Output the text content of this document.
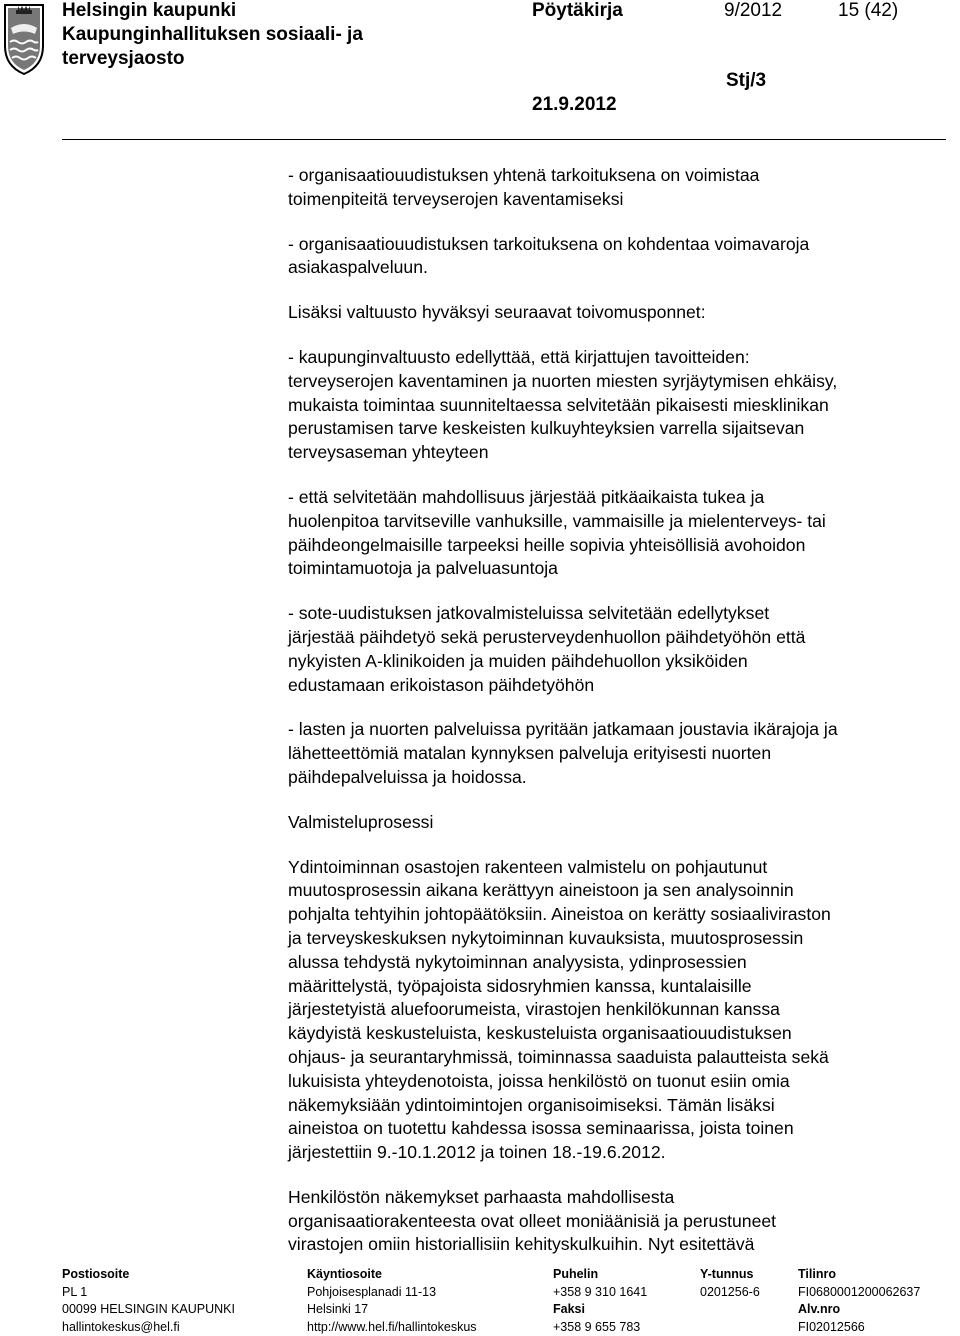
Helsingin kaupunki
Kaupunginhallituksen sosiaali- ja
terveysjaosto
Pöytäkirja	9/2012	15 (42)
Stj/3
21.9.2012

- organisaatiouudistuksen yhtenä tarkoituksena on voimistaa

toimenpiteitä terveyserojen kaventamiseksi

- organisaatiouudistuksen tarkoituksena on kohdentaa voimavaroja

asiakaspalveluun.

Lisäksi valtuusto hyväksyi seuraavat toivomusponnet:

- kaupunginvaltuusto edellyttää, että kirjattujen tavoitteiden:

terveyserojen kaventaminen ja nuorten miesten syrjäytymisen ehkäisy,

mukaista toimintaa suunniteltaessa selvitetään pikaisesti miesklinikan

perustamisen tarve keskeisten kulkuyhteyksien varrella sijaitsevan

terveysaseman yhteyteen

- että selvitetään mahdollisuus järjestää pitkäaikaista tukea ja

huolenpitoa tarvitseville vanhuksille, vammaisille ja mielenterveys- tai

päihdeongelmaisille tarpeeksi heille sopivia yhteisöllisiä avohoidon

toimintamuotoja ja palveluasuntoja

- sote-uudistuksen jatkovalmisteluissa selvitetään edellytykset

järjestää päihdetyö sekä perusterveydenhuollon päihdetyöhön että

nykyisten A-klinikoiden ja muiden päihdehuollon yksiköiden

edustamaan erikoistason päihdetyöhön

- lasten ja nuorten palveluissa pyritään jatkamaan joustavia ikärajoja ja

lähetteettömiä matalan kynnyksen palveluja erityisesti nuorten

päihdepalveluissa ja hoidossa.

Valmisteluprosessi

Ydintoiminnan osastojen rakenteen valmistelu on pohjautunut

muutosprosessin aikana kerättyyn aineistoon ja sen analysoinnin

pohjalta tehtyihin johtopäätöksiin. Aineistoa on kerätty sosiaaliviraston

ja terveyskeskuksen nykytoiminnan kuvauksista, muutosprosessin

alussa tehdystä nykytoiminnan analyysista, ydinprosessien

määrittelystä, työpajoista sidosryhmien kanssa, kuntalaisille

järjestetyistä aluefoorumeista, virastojen henkilökunnan kanssa

käydyistä keskusteluista, keskusteluista organisaatiouudistuksen

ohjaus- ja seurantaryhmissä, toiminnassa saaduista palautteista sekä

lukuisista yhteydenotoista, joissa henkilöstö on tuonut esiin omia

näkemyksiään ydintoimintojen organisoimiseksi. Tämän lisäksi

aineistoa on tuotettu kahdessa isossa seminaarissa, joista toinen

järjestettiin 9.-10.1.2012 ja toinen 18.-19.6.2012.

Henkilöstön näkemykset parhaasta mahdollisesta

organisaatiorakenteesta ovat olleet moniäänisiä ja perustuneet

virastojen omiin historiallisiin kehityskulkuihin. Nyt esitettävä

Postiosoite
PL 1
00099 HELSINGIN KAUPUNKI
hallintokeskus@hel.fi
Käyntiosoite
Pohjoisesplanadi 11-13
Helsinki 17
http://www.hel.fi/hallintokeskus
Puhelin
+358 9 310 1641
Faksi
+358 9 655 783
Y-tunnus
0201256-6
Tilinro
FI0680001200062637
Alv.nro
FI02012566
